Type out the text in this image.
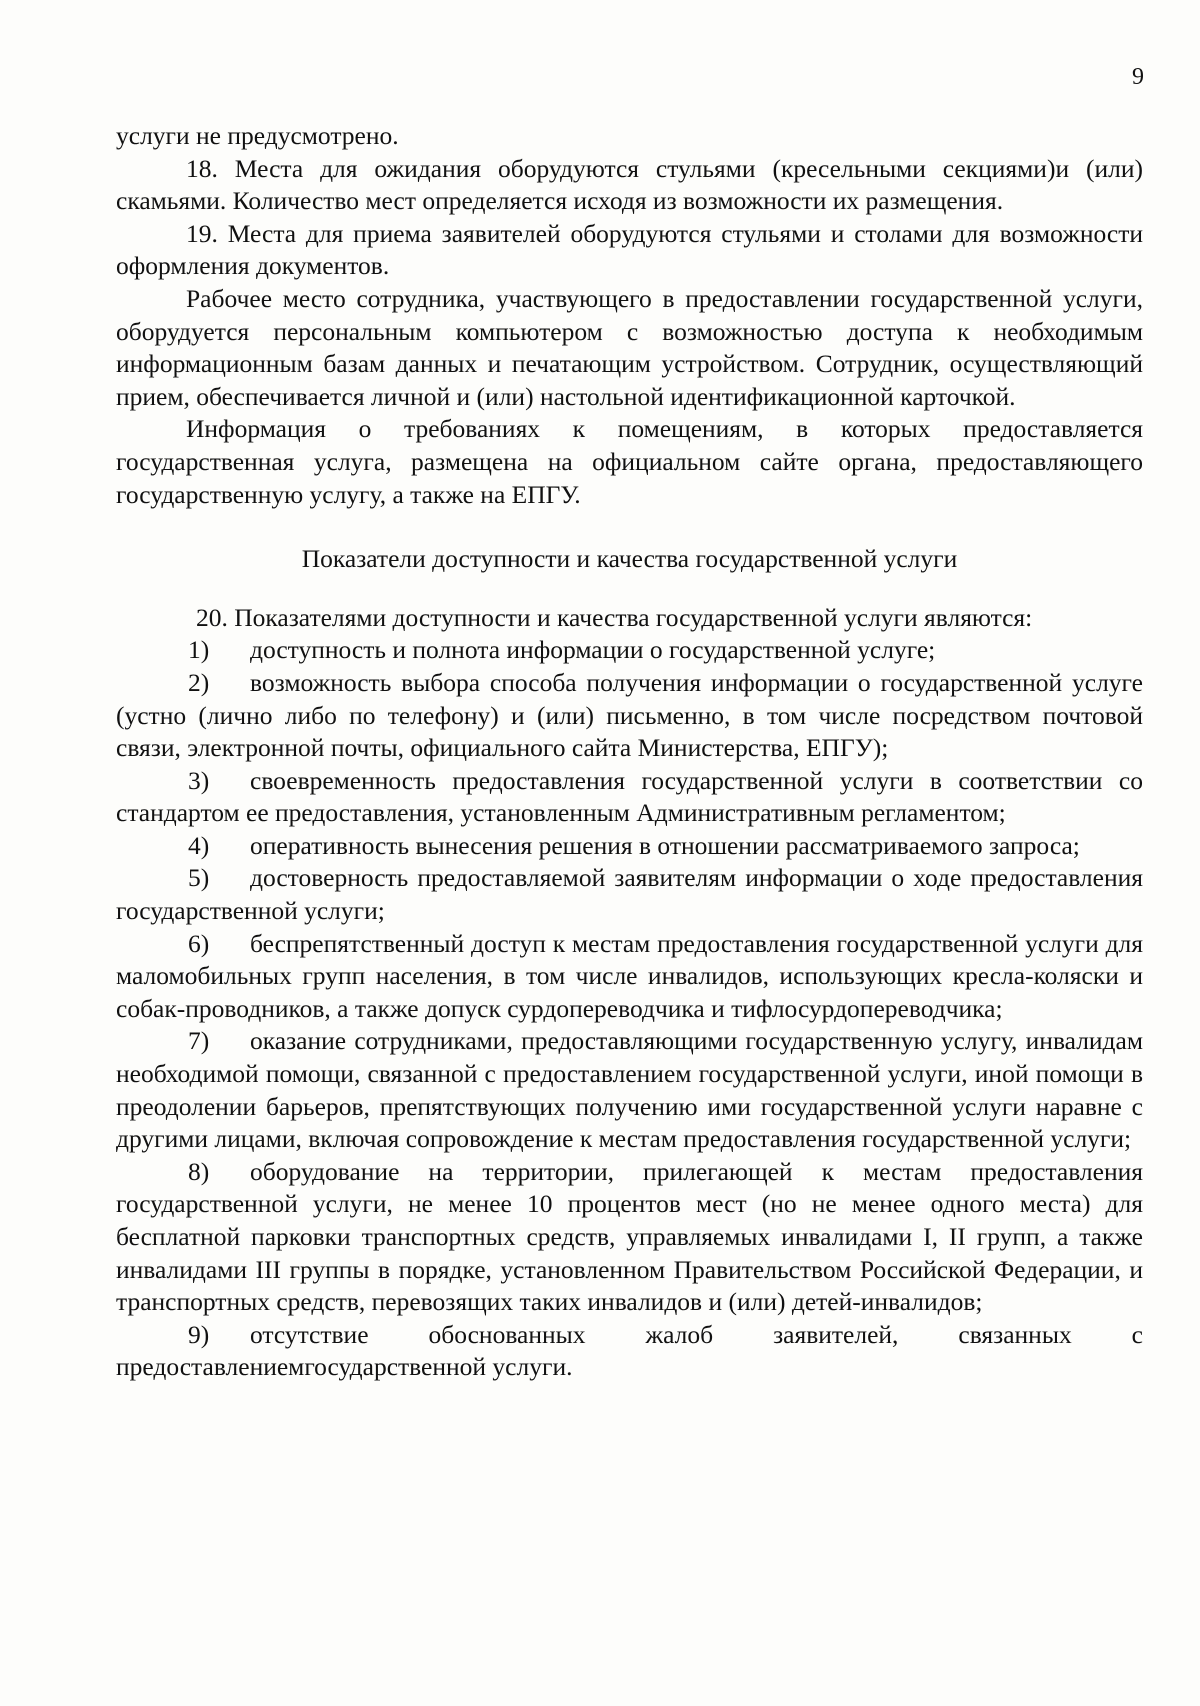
9

услуги не предусмотрено.

18. Места для ожидания оборудуются стульями (кресельными секциями)и (или) скамьями. Количество мест определяется исходя из возможности их размещения.

19. Места для приема заявителей оборудуются стульями и столами для возможности оформления документов.

Рабочее место сотрудника, участвующего в предоставлении государственной услуги, оборудуется персональным компьютером с возможностью доступа к необходимым информационным базам данных и печатающим устройством. Сотрудник, осуществляющий прием, обеспечивается личной и (или) настольной идентификационной карточкой.

Информация о требованиях к помещениям, в которых предоставляется государственная услуга, размещена на официальном сайте органа, предоставляющего государственную услугу, а также на ЕПГУ.

Показатели доступности и качества государственной услуги

20. Показателями доступности и качества государственной услуги являются:

1) доступность и полнота информации о государственной услуге;

2) возможность выбора способа получения информации о государственной услуге (устно (лично либо по телефону) и (или) письменно, в том числе посредством почтовой связи, электронной почты, официального сайта Министерства, ЕПГУ);

3) своевременность предоставления государственной услуги в соответствии со стандартом ее предоставления, установленным Административным регламентом;

4) оперативность вынесения решения в отношении рассматриваемого запроса;

5) достоверность предоставляемой заявителям информации о ходе предоставления государственной услуги;

6) беспрепятственный доступ к местам предоставления государственной услуги для маломобильных групп населения, в том числе инвалидов, использующих кресла-коляски и собак-проводников, а также допуск сурдопереводчика и тифлосурдопереводчика;

7) оказание сотрудниками, предоставляющими государственную услугу, инвалидам необходимой помощи, связанной с предоставлением государственной услуги, иной помощи в преодолении барьеров, препятствующих получению ими государственной услуги наравне с другими лицами, включая сопровождение к местам предоставления государственной услуги;

8) оборудование на территории, прилегающей к местам предоставления государственной услуги, не менее 10 процентов мест (но не менее одного места) для бесплатной парковки транспортных средств, управляемых инвалидами I, II групп, а также инвалидами III группы в порядке, установленном Правительством Российской Федерации, и транспортных средств, перевозящих таких инвалидов и (или) детей-инвалидов;

9) отсутствие обоснованных жалоб заявителей, связанных с предоставлениемгосударственной услуги.
